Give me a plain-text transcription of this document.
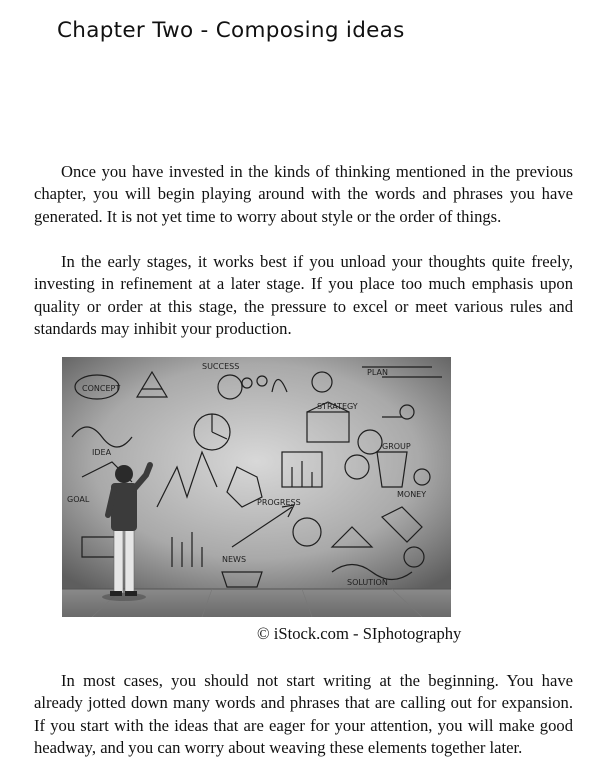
Chapter Two - Composing ideas

Once you have invested in the kinds of thinking mentioned in the previous chapter, you will begin playing around with the words and phrases you have generated. It is not yet time to worry about style or the order of things.

In the early stages, it works best if you unload your thoughts quite freely, investing in refinement at a later stage. If you place too much emphasis upon quality or order at this stage, the pressure to excel or meet various rules and standards may inhibit your production.

CONCEPT
SUCCESS
PLAN
IDEA
STRATEGY
GOAL
GROUP
PROGRESS
NEWS
MONEY
SOLUTION

© iStock.com - SIphotography

In most cases, you should not start writing at the beginning. You have already jotted down many words and phrases that are calling out for expansion. If you start with the ideas that are eager for your attention, you will make good headway, and you can worry about weaving these elements together later.
